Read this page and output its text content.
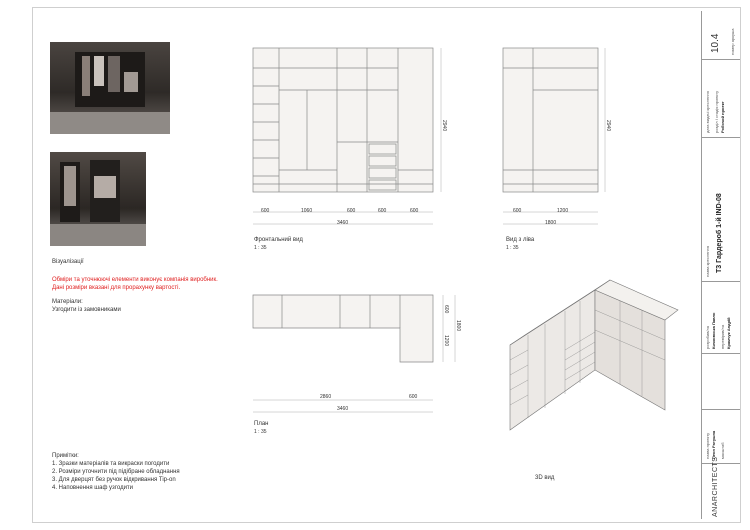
Візуалізації
Обміри та уточнюючі елементи виконує компанія виробник. Дані розміри вказані для прорахунку вартості.
Матеріали:
Узгодити із замовниками
Примітки:
1. Зразки матеріалів та викраски погодити
2. Розміри уточнити під підібране обладнання
3. Для дверцят без ручок відкривання Tip-on
4. Наповнення шаф узгодити
600	1060	600	600	600
3460
2940
Фронтальний вид
1 : 35
600	1200
1800
2940
Вид з ліва
1 : 35
2860	600
3460
600
1200
1800
План
1 : 35
3D вид
номер аркуша
10.4
дата видачі креслення розділ / стадія проекту Робочий проект
назва креслення Т3 Гардероб 1-й IND-08
розробив/ла Кичковська Павло перевірив/ла Крамчук Андрій
назва проекту Леон Ратушна масштаб
ANARCHITECTS
